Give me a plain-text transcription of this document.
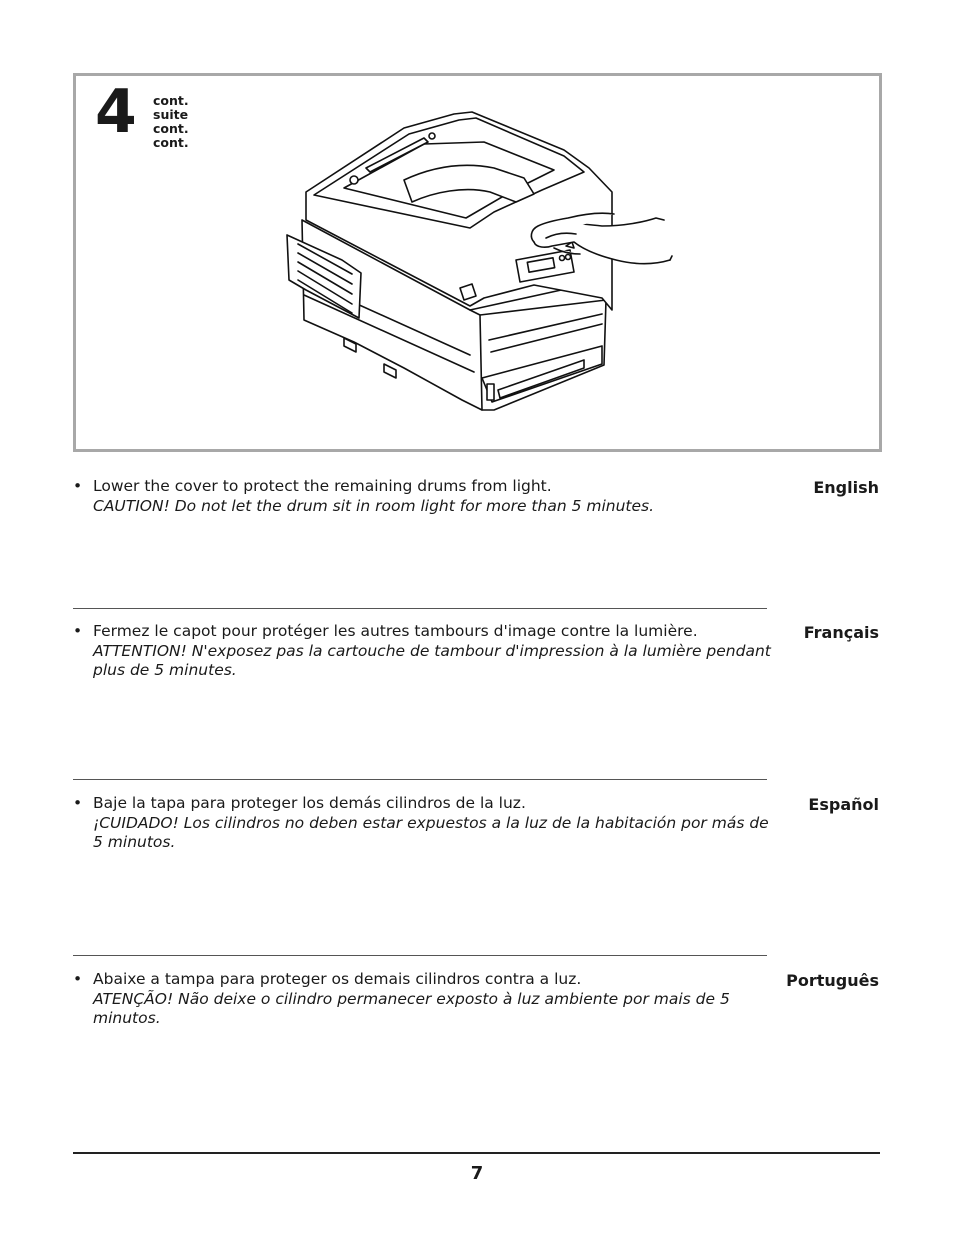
4 cont.
suite
cont.
cont.
• Lower the cover to protect the remaining drums from light.
CAUTION! Do not let the drum sit in room light for more than 5 minutes.
English
• Fermez le capot pour protéger les autres tambours d'image contre la lumière.
ATTENTION! N'exposez pas la cartouche de tambour d'impression à la lumière pendant plus de 5 minutes.
Français
• Baje la tapa para proteger los demás cilindros de la luz.
¡CUIDADO! Los cilindros no deben estar expuestos a la luz de la habitación por más de 5 minutos.
Español
• Abaixe a tampa para proteger os demais cilindros contra a luz.
ATENÇÃO! Não deixe o cilindro permanecer exposto à luz ambiente por mais de 5 minutos.
Português
7
